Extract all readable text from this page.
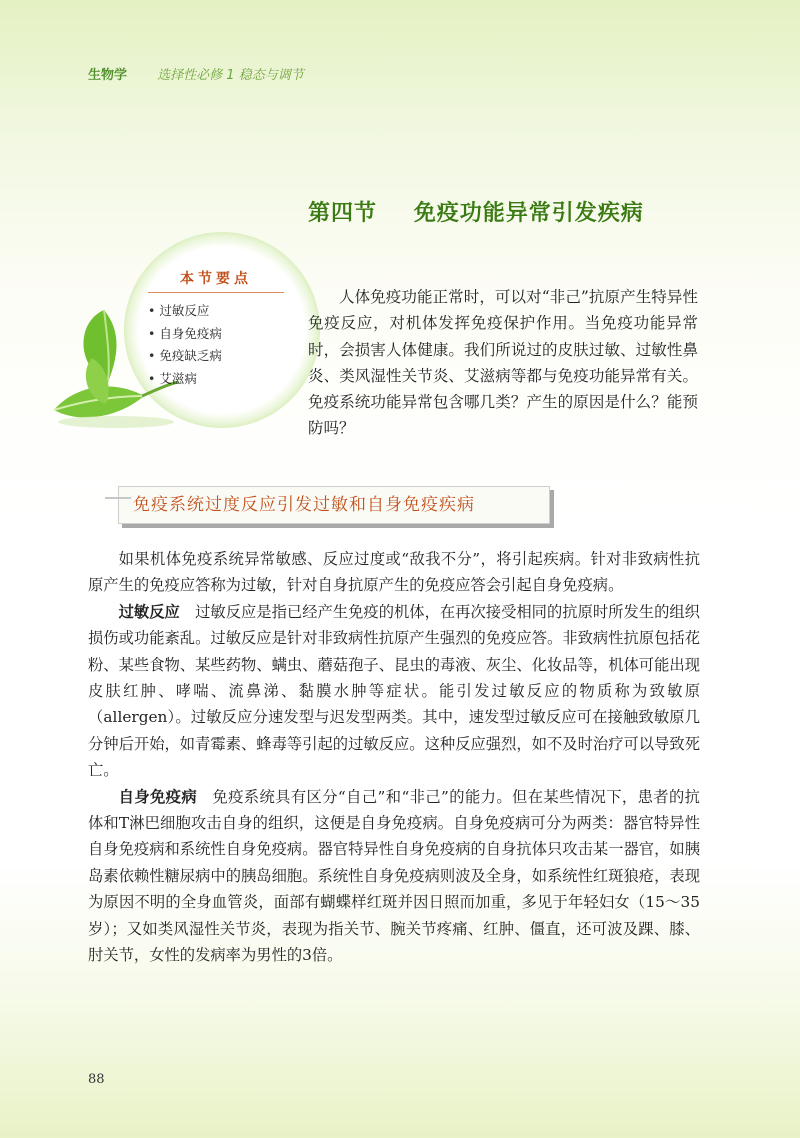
生物学 选择性必修 1 稳态与调节
第四节 免疫功能异常引发疾病
本节要点
• 过敏反应
• 自身免疫病
• 免疫缺乏病
• 艾滋病

人体免疫功能正常时，可以对“非己”抗原产生特异性免疫反应，对机体发挥免疫保护作用。当免疫功能异常时，会损害人体健康。我们所说过的皮肤过敏、过敏性鼻炎、类风湿性关节炎、艾滋病等都与免疫功能异常有关。免疫系统功能异常包含哪几类？产生的原因是什么？能预防吗？

免疫系统过度反应引发过敏和自身免疫疾病

如果机体免疫系统异常敏感、反应过度或“敌我不分”，将引起疾病。针对非致病性抗原产生的免疫应答称为过敏，针对自身抗原产生的免疫应答会引起自身免疫病。

过敏反应 过敏反应是指已经产生免疫的机体，在再次接受相同的抗原时所发生的组织损伤或功能紊乱。过敏反应是针对非致病性抗原产生强烈的免疫应答。非致病性抗原包括花粉、某些食物、某些药物、螨虫、蘑菇孢子、昆虫的毒液、灰尘、化妆品等，机体可能出现皮肤红肿、哮喘、流鼻涕、黏膜水肿等症状。能引发过敏反应的物质称为致敏原（allergen）。过敏反应分速发型与迟发型两类。其中，速发型过敏反应可在接触致敏原几分钟后开始，如青霉素、蜂毒等引起的过敏反应。这种反应强烈，如不及时治疗可以导致死亡。

自身免疫病 免疫系统具有区分“自己”和“非己”的能力。但在某些情况下，患者的抗体和T淋巴细胞攻击自身的组织，这便是自身免疫病。自身免疫病可分为两类：器官特异性自身免疫病和系统性自身免疫病。器官特异性自身免疫病的自身抗体只攻击某一器官，如胰岛素依赖性糖尿病中的胰岛细胞。系统性自身免疫病则波及全身，如系统性红斑狼疮，表现为原因不明的全身血管炎，面部有蝴蝶样红斑并因日照而加重，多见于年轻妇女（15～35岁）；又如类风湿性关节炎，表现为指关节、腕关节疼痛、红肿、僵直，还可波及踝、膝、肘关节，女性的发病率为男性的3倍。

88
